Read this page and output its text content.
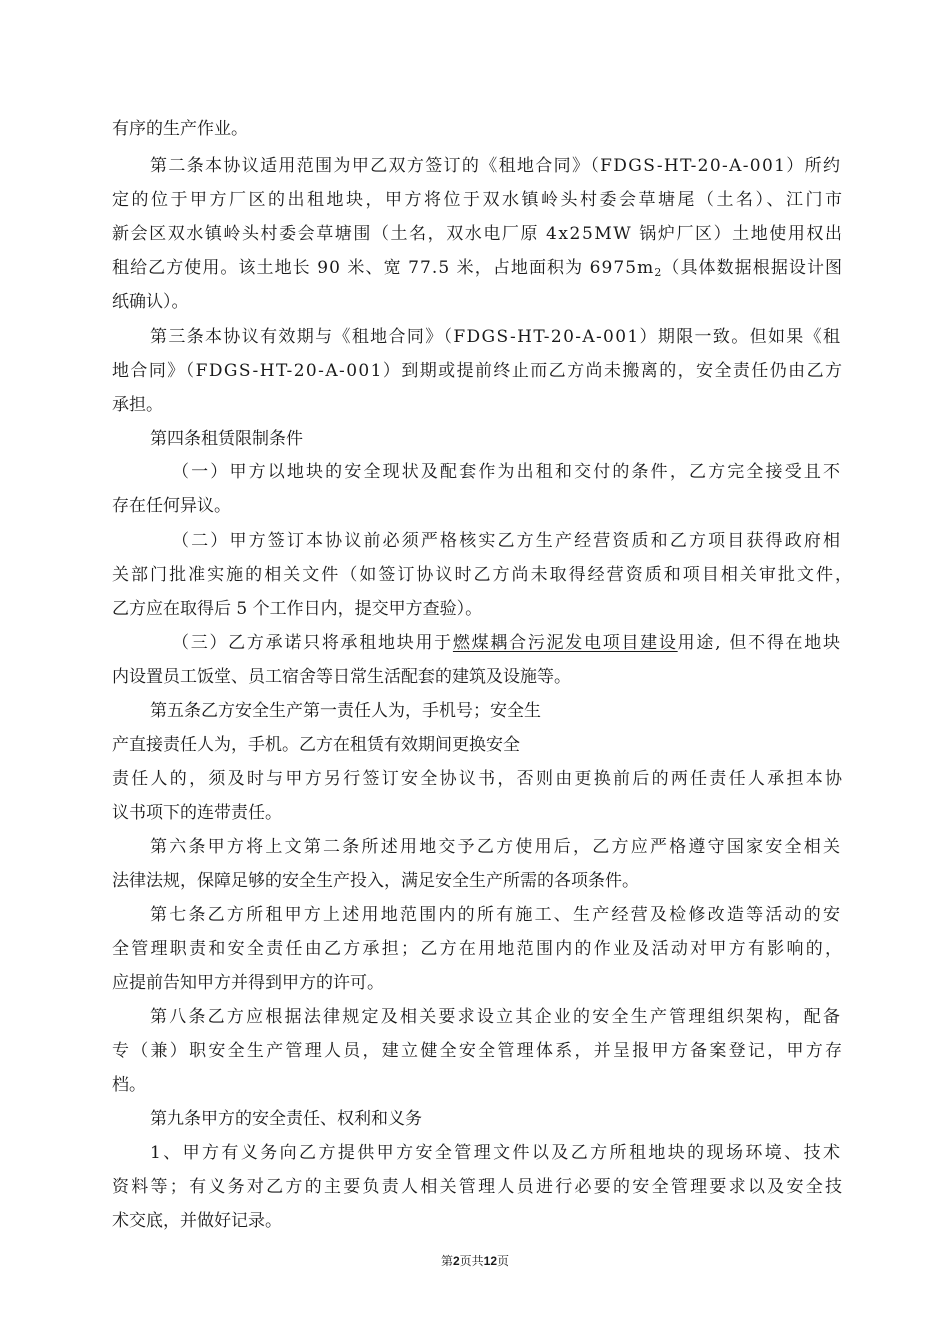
有序的生产作业。
第二条本协议适用范围为甲乙双方签订的《租地合同》（FDGS-HT-20-A-001）所约
定的位于甲方厂区的出租地块，甲方将位于双水镇岭头村委会草塘尾（土名）、江门市
新会区双水镇岭头村委会草塘围（土名，双水电厂原 4x25MW 锅炉厂区）土地使用权出
租给乙方使用。该土地长 90 米、宽 77.5 米，占地面积为 $6975m_2$（具体数据根据设计图
纸确认）。
第三条本协议有效期与《租地合同》（FDGS-HT-20-A-001）期限一致。但如果《租
地合同》（FDGS-HT-20-A-001）到期或提前终止而乙方尚未搬离的，安全责任仍由乙方
承担。
第四条租赁限制条件
（一）甲方以地块的安全现状及配套作为出租和交付的条件，乙方完全接受且不
存在任何异议。
（二）甲方签订本协议前必须严格核实乙方生产经营资质和乙方项目获得政府相
关部门批准实施的相关文件（如签订协议时乙方尚未取得经营资质和项目相关审批文件，
乙方应在取得后 5 个工作日内，提交甲方查验）。
（三）乙方承诺只将承租地块用于燃煤耦合污泥发电项目建设用途, 但不得在地块
内设置员工饭堂、员工宿舍等日常生活配套的建筑及设施等。
第五条乙方安全生产第一责任人为，手机号；安全生
产直接责任人为，手机。乙方在租赁有效期间更换安全
责任人的，须及时与甲方另行签订安全协议书，否则由更换前后的两任责任人承担本协
议书项下的连带责任。
第六条甲方将上文第二条所述用地交予乙方使用后，乙方应严格遵守国家安全相关
法律法规，保障足够的安全生产投入，满足安全生产所需的各项条件。
第七条乙方所租甲方上述用地范围内的所有施工、生产经营及检修改造等活动的安
全管理职责和安全责任由乙方承担；乙方在用地范围内的作业及活动对甲方有影响的，
应提前告知甲方并得到甲方的许可。
第八条乙方应根据法律规定及相关要求设立其企业的安全生产管理组织架构，配备
专（兼）职安全生产管理人员，建立健全安全管理体系，并呈报甲方备案登记，甲方存
档。
第九条甲方的安全责任、权利和义务
1、甲方有义务向乙方提供甲方安全管理文件以及乙方所租地块的现场环境、技术
资料等；有义务对乙方的主要负责人相关管理人员进行必要的安全管理要求以及安全技
术交底，并做好记录。
第2页共12页
